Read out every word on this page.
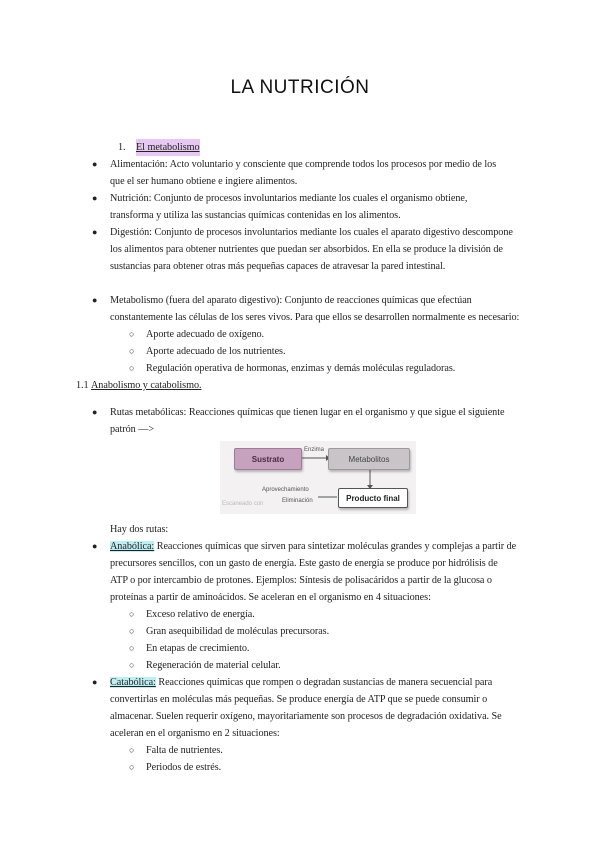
LA NUTRICIÓN
1. El metabolismo
● Alimentación: Acto voluntario y consciente que comprende todos los procesos por medio de los
que el ser humano obtiene e ingiere alimentos.
● Nutrición: Conjunto de procesos involuntarios mediante los cuales el organismo obtiene,
transforma y utiliza las sustancias químicas contenidas en los alimentos.
● Digestión: Conjunto de procesos involuntarios mediante los cuales el aparato digestivo descompone
los alimentos para obtener nutrientes que puedan ser absorbidos. En ella se produce la división de
sustancias para obtener otras más pequeñas capaces de atravesar la pared intestinal.
● Metabolismo (fuera del aparato digestivo): Conjunto de reacciones químicas que efectúan
constantemente las células de los seres vivos. Para que ellos se desarrollen normalmente es necesario:
○ Aporte adecuado de oxígeno.
○ Aporte adecuado de los nutrientes.
○ Regulación operativa de hormonas, enzimas y demás moléculas reguladoras.
1.1 Anabolismo y catabolismo.
● Rutas metabólicas: Reacciones químicas que tienen lugar en el organismo y que sigue el siguiente
patrón —>
Sustrato
Enzima
Metabolitos
Aprovechamiento
Eliminación	Producto final
Escaneado con
Hay dos rutas:
● Anabólica: Reacciones químicas que sirven para sintetizar moléculas grandes y complejas a partir de
precursores sencillos, con un gasto de energía. Este gasto de energía se produce por hidrólisis de
ATP o por intercambio de protones. Ejemplos: Síntesis de polisacáridos a partir de la glucosa o
proteínas a partir de aminoácidos. Se aceleran en el organismo en 4 situaciones:
○ Exceso relativo de energía.
○ Gran asequibilidad de moléculas precursoras.
○ En etapas de crecimiento.
○ Regeneración de material celular.
● Catabólica: Reacciones químicas que rompen o degradan sustancias de manera secuencial para
convertirlas en moléculas más pequeñas. Se produce energía de ATP que se puede consumir o
almacenar. Suelen requerir oxígeno, mayoritariamente son procesos de degradación oxidativa. Se
aceleran en el organismo en 2 situaciones:
○ Falta de nutrientes.
○ Periodos de estrés.
